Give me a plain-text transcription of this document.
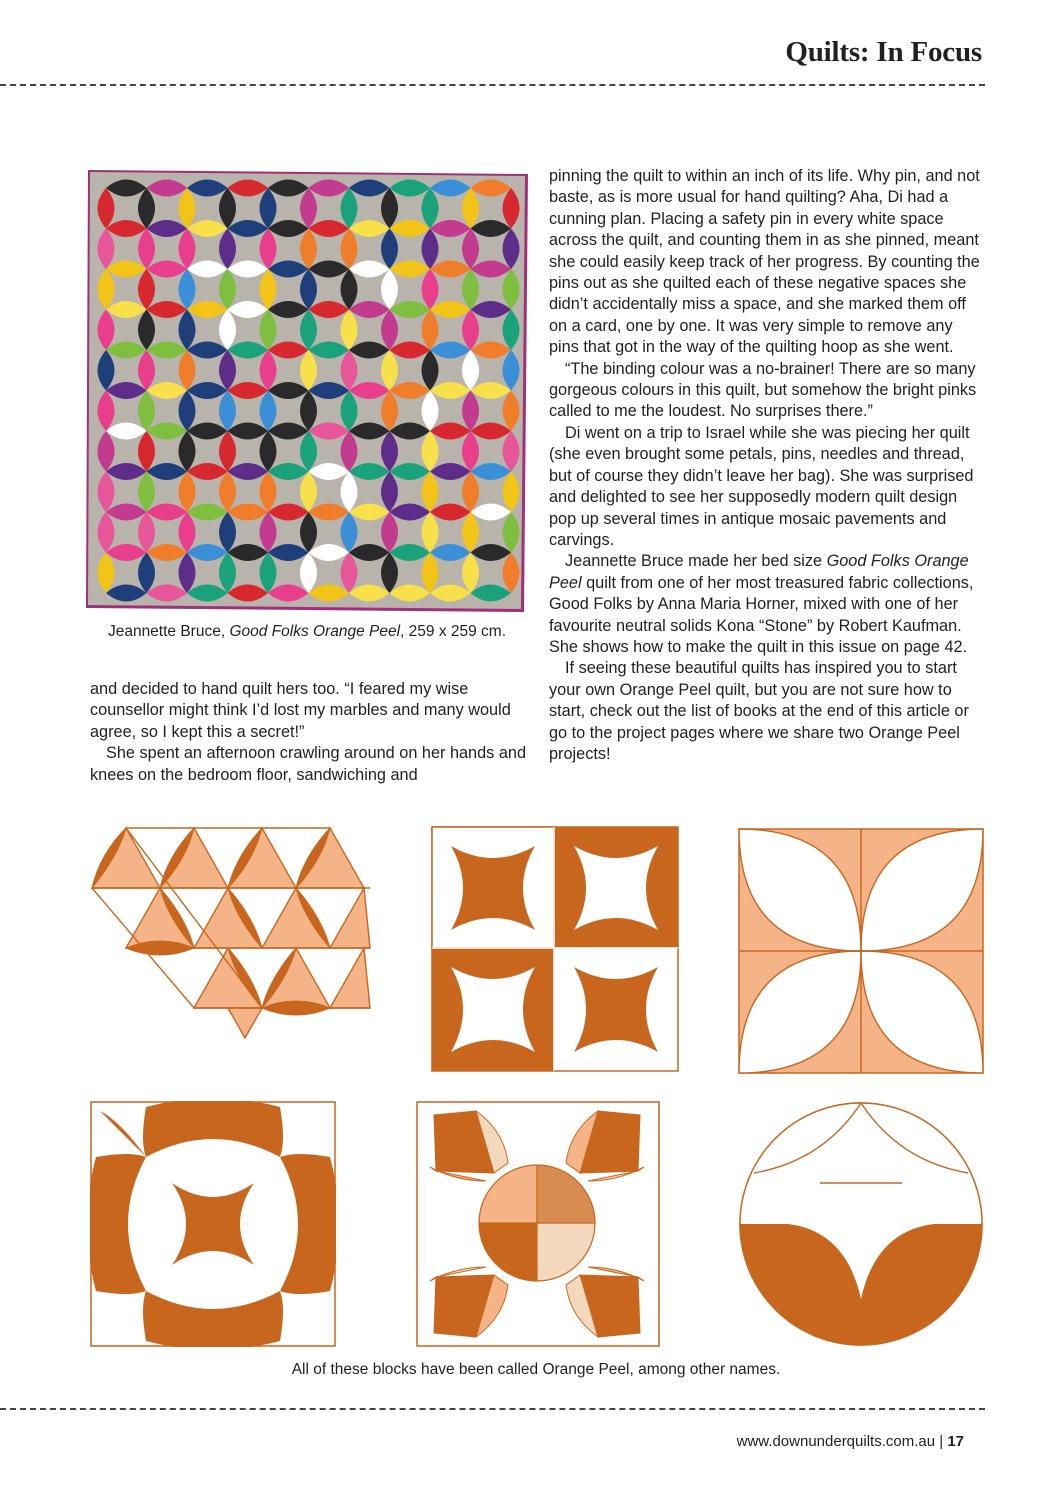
Quilts: In Focus
Jeannette Bruce, Good Folks Orange Peel, 259 x 259 cm.

and decided to hand quilt hers too. “I feared my wise counsellor might think I’d lost my marbles and many would agree, so I kept this a secret!”

She spent an afternoon crawling around on her hands and knees on the bedroom floor, sandwiching and

pinning the quilt to within an inch of its life. Why pin, and not baste, as is more usual for hand quilting? Aha, Di had a cunning plan. Placing a safety pin in every white space across the quilt, and counting them in as she pinned, meant she could easily keep track of her progress. By counting the pins out as she quilted each of these negative spaces she didn’t accidentally miss a space, and she marked them off on a card, one by one. It was very simple to remove any pins that got in the way of the quilting hoop as she went.

“The binding colour was a no-brainer! There are so many gorgeous colours in this quilt, but somehow the bright pinks called to me the loudest. No surprises there.”

Di went on a trip to Israel while she was piecing her quilt (she even brought some petals, pins, needles and thread, but of course they didn’t leave her bag). She was surprised and delighted to see her supposedly modern quilt design pop up several times in antique mosaic pavements and carvings.

Jeannette Bruce made her bed size Good Folks Orange Peel quilt from one of her most treasured fabric collections, Good Folks by Anna Maria Horner, mixed with one of her favourite neutral solids Kona “Stone” by Robert Kaufman. She shows how to make the quilt in this issue on page 42.

If seeing these beautiful quilts has inspired you to start your own Orange Peel quilt, but you are not sure how to start, check out the list of books at the end of this article or go to the project pages where we share two Orange Peel projects!

All of these blocks have been called Orange Peel, among other names.
www.downunderquilts.com.au | 17
